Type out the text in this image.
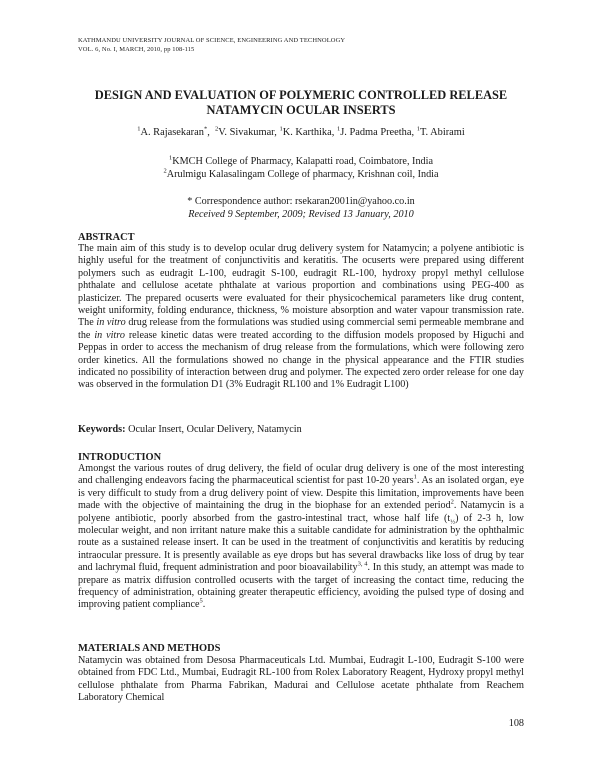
KATHMANDU UNIVERSITY JOURNAL OF SCIENCE, ENGINEERING AND TECHNOLOGY
VOL. 6, No. I, MARCH, 2010, pp 108-115
DESIGN AND EVALUATION OF POLYMERIC CONTROLLED RELEASE
NATAMYCIN OCULAR INSERTS
$^1$A. Rajasekaran*,  $^2$V. Sivakumar, $^1$K. Karthika, $^1$J. Padma Preetha, $^1$T. Abirami
$^1$KMCH College of Pharmacy, Kalapatti road, Coimbatore, India
$^2$Arulmigu Kalasalingam College of pharmacy, Krishnan coil, India
* Correspondence author: rsekaran2001in@yahoo.co.in
Received 9 September, 2009; Revised 13 January, 2010
ABSTRACT
The main aim of this study is to develop ocular drug delivery system for Natamycin; a polyene antibiotic is highly useful for the treatment of conjunctivitis and keratitis. The ocuserts were prepared using different polymers such as eudragit L-100, eudragit S-100, eudragit RL-100, hydroxy propyl methyl cellulose phthalate and cellulose acetate phthalate at various proportion and combinations using PEG-400 as plasticizer. The prepared ocuserts were evaluated for their physicochemical parameters like drug content, weight uniformity, folding endurance, thickness, % moisture absorption and water vapour transmission rate. The in vitro drug release from the formulations was studied using commercial semi permeable membrane and the in vitro release kinetic datas were treated according to the diffusion models proposed by Higuchi and Peppas in order to access the mechanism of drug release from the formulations, which were following zero order kinetics. All the formulations showed no change in the physical appearance and the FTIR studies indicated no possibility of interaction between drug and polymer. The expected zero order release for one day was observed in the formulation D1 (3% Eudragit RL100 and 1% Eudragit L100)
Keywords: Ocular Insert, Ocular Delivery, Natamycin
INTRODUCTION
Amongst the various routes of drug delivery, the field of ocular drug delivery is one of the most interesting and challenging endeavors facing the pharmaceutical scientist for past 10-20 years$^1$. As an isolated organ, eye is very difficult to study from a drug delivery point of view. Despite this limitation, improvements have been made with the objective of maintaining the drug in the biophase for an extended period$^2$. Natamycin is a polyene antibiotic, poorly absorbed from the gastro-intestinal tract, whose half life $(t_{\frac{1}{2}})$ of 2-3 h, low molecular weight, and non irritant nature make this a suitable candidate for administration by the ophthalmic route as a sustained release insert. It can be used in the treatment of conjunctivitis and keratitis by reducing intraocular pressure. It is presently available as eye drops but has several drawbacks like loss of drug by tear and lachrymal fluid, frequent administration and poor bioavailability$^{3, 4}$. In this study, an attempt was made to prepare as matrix diffusion controlled ocuserts with the target of increasing the contact time, reducing the frequency of administration, obtaining greater therapeutic efficiency, avoiding the pulsed type of dosing and improving patient compliance$^5$.
MATERIALS AND METHODS
Natamycin was obtained from Desosa Pharmaceuticals Ltd. Mumbai, Eudragit L-100, Eudragit S-100 were obtained from FDC Ltd., Mumbai, Eudragit RL-100 from Rolex Laboratory Reagent, Hydroxy propyl methyl cellulose phthalate from Pharma Fabrikan, Madurai and Cellulose acetate phthalate from Reachem Laboratory Chemical
108
